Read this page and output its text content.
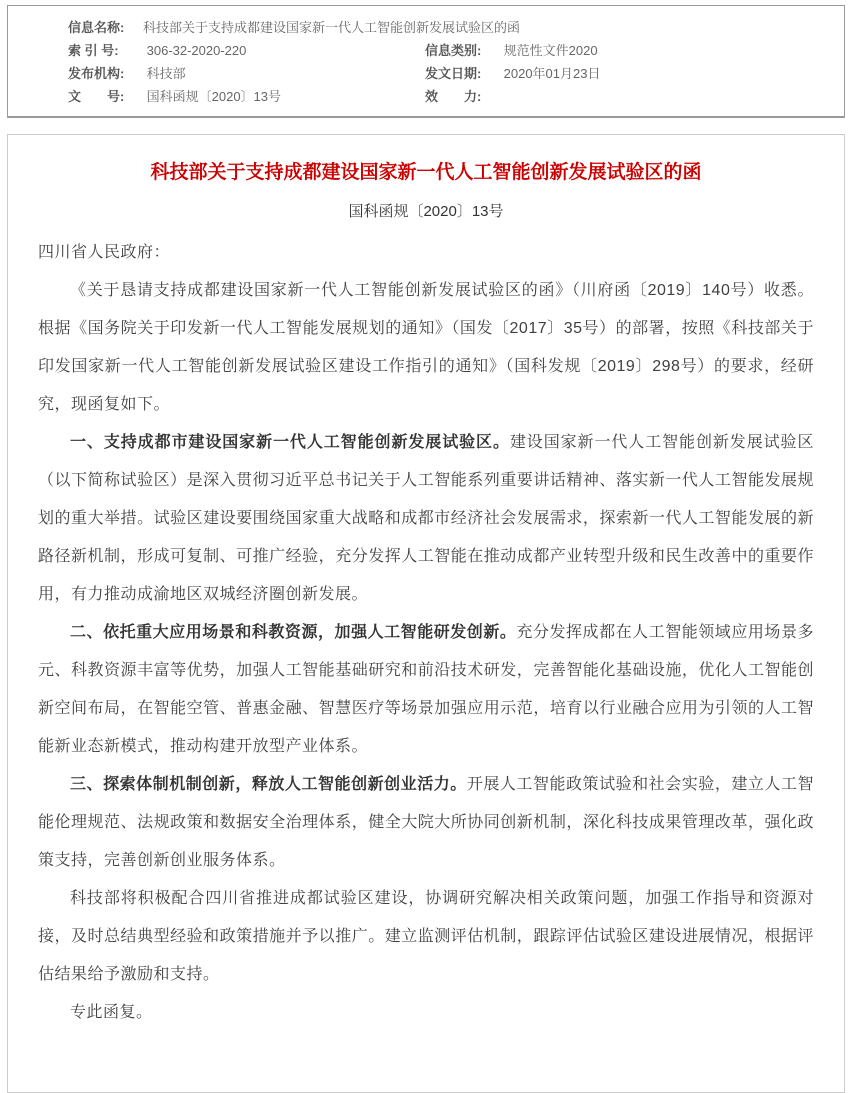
信息名称:	科技部关于支持成都建设国家新一代人工智能创新发展试验区的函
索 引 号: 306-32-2020-220	信息类别: 规范性文件2020
发布机构: 科技部	发文日期: 2020年01月23日
文　　号: 国科函规〔2020〕13号	效　　力:
科技部关于支持成都建设国家新一代人工智能创新发展试验区的函
国科函规〔2020〕13号

四川省人民政府：

《关于恳请支持成都建设国家新一代人工智能创新发展试验区的函》（川府函〔2019〕140号）收悉。根据《国务院关于印发新一代人工智能发展规划的通知》（国发〔2017〕35号）的部署，按照《科技部关于印发国家新一代人工智能创新发展试验区建设工作指引的通知》（国科发规〔2019〕298号）的要求，经研究，现函复如下。

一、支持成都市建设国家新一代人工智能创新发展试验区。建设国家新一代人工智能创新发展试验区（以下简称试验区）是深入贯彻习近平总书记关于人工智能系列重要讲话精神、落实新一代人工智能发展规划的重大举措。试验区建设要围绕国家重大战略和成都市经济社会发展需求，探索新一代人工智能发展的新路径新机制，形成可复制、可推广经验，充分发挥人工智能在推动成都产业转型升级和民生改善中的重要作用，有力推动成渝地区双城经济圈创新发展。

二、依托重大应用场景和科教资源，加强人工智能研发创新。充分发挥成都在人工智能领域应用场景多元、科教资源丰富等优势，加强人工智能基础研究和前沿技术研发，完善智能化基础设施，优化人工智能创新空间布局，在智能空管、普惠金融、智慧医疗等场景加强应用示范，培育以行业融合应用为引领的人工智能新业态新模式，推动构建开放型产业体系。

三、探索体制机制创新，释放人工智能创新创业活力。开展人工智能政策试验和社会实验，建立人工智能伦理规范、法规政策和数据安全治理体系，健全大院大所协同创新机制，深化科技成果管理改革，强化政策支持，完善创新创业服务体系。

科技部将积极配合四川省推进成都试验区建设，协调研究解决相关政策问题，加强工作指导和资源对接，及时总结典型经验和政策措施并予以推广。建立监测评估机制，跟踪评估试验区建设进展情况，根据评估结果给予激励和支持。

专此函复。
